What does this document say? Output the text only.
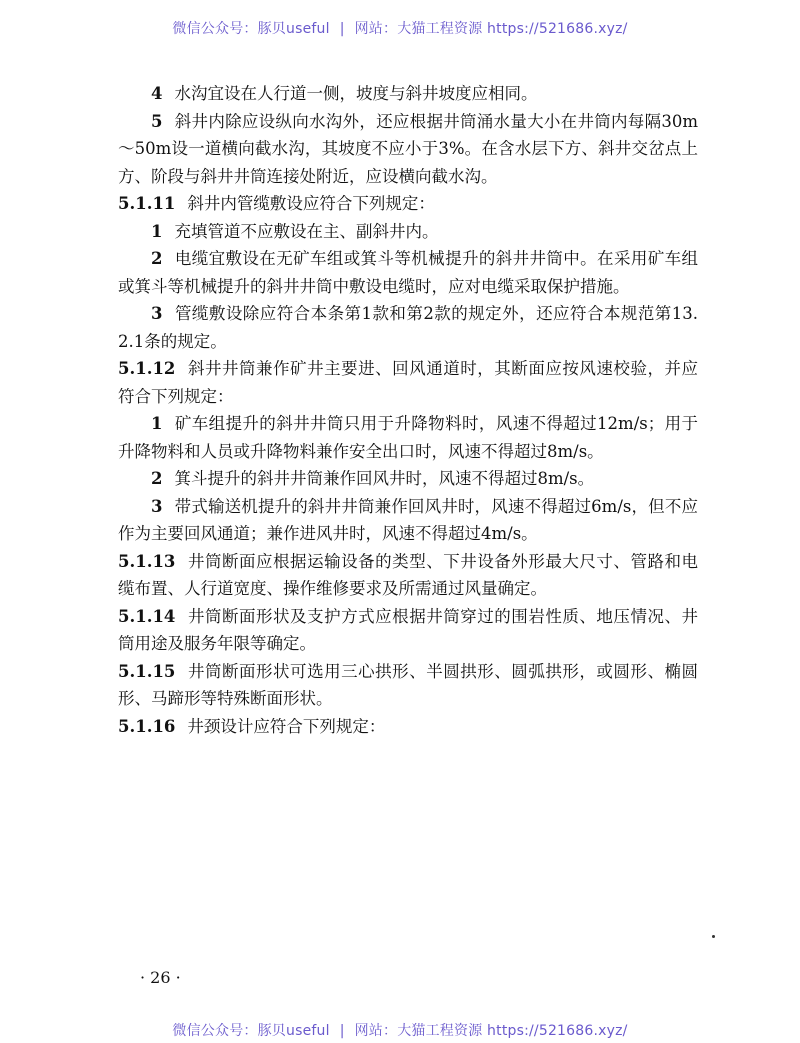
微信公众号：豚贝useful | 网站：大猫工程资源 https://521686.xyz/

4 水沟宜设在人行道一侧，坡度与斜井坡度应相同。

5 斜井内除应设纵向水沟外，还应根据井筒涌水量大小在井筒内每隔30m～50m设一道横向截水沟，其坡度不应小于3%。在含水层下方、斜井交岔点上方、阶段与斜井井筒连接处附近，应设横向截水沟。

5.1.11 斜井内管缆敷设应符合下列规定：

1 充填管道不应敷设在主、副斜井内。

2 电缆宜敷设在无矿车组或箕斗等机械提升的斜井井筒中。在采用矿车组或箕斗等机械提升的斜井井筒中敷设电缆时，应对电缆采取保护措施。

3 管缆敷设除应符合本条第1款和第2款的规定外，还应符合本规范第13.2.1条的规定。

5.1.12 斜井井筒兼作矿井主要进、回风通道时，其断面应按风速校验，并应符合下列规定：

1 矿车组提升的斜井井筒只用于升降物料时，风速不得超过12m/s；用于升降物料和人员或升降物料兼作安全出口时，风速不得超过8m/s。

2 箕斗提升的斜井井筒兼作回风井时，风速不得超过8m/s。

3 带式输送机提升的斜井井筒兼作回风井时，风速不得超过6m/s，但不应作为主要回风通道；兼作进风井时，风速不得超过4m/s。

5.1.13 井筒断面应根据运输设备的类型、下井设备外形最大尺寸、管路和电缆布置、人行道宽度、操作维修要求及所需通过风量确定。

5.1.14 井筒断面形状及支护方式应根据井筒穿过的围岩性质、地压情况、井筒用途及服务年限等确定。

5.1.15 井筒断面形状可选用三心拱形、半圆拱形、圆弧拱形，或圆形、椭圆形、马蹄形等特殊断面形状。

5.1.16 井颈设计应符合下列规定：

· 26 ·
微信公众号：豚贝useful | 网站：大猫工程资源 https://521686.xyz/
